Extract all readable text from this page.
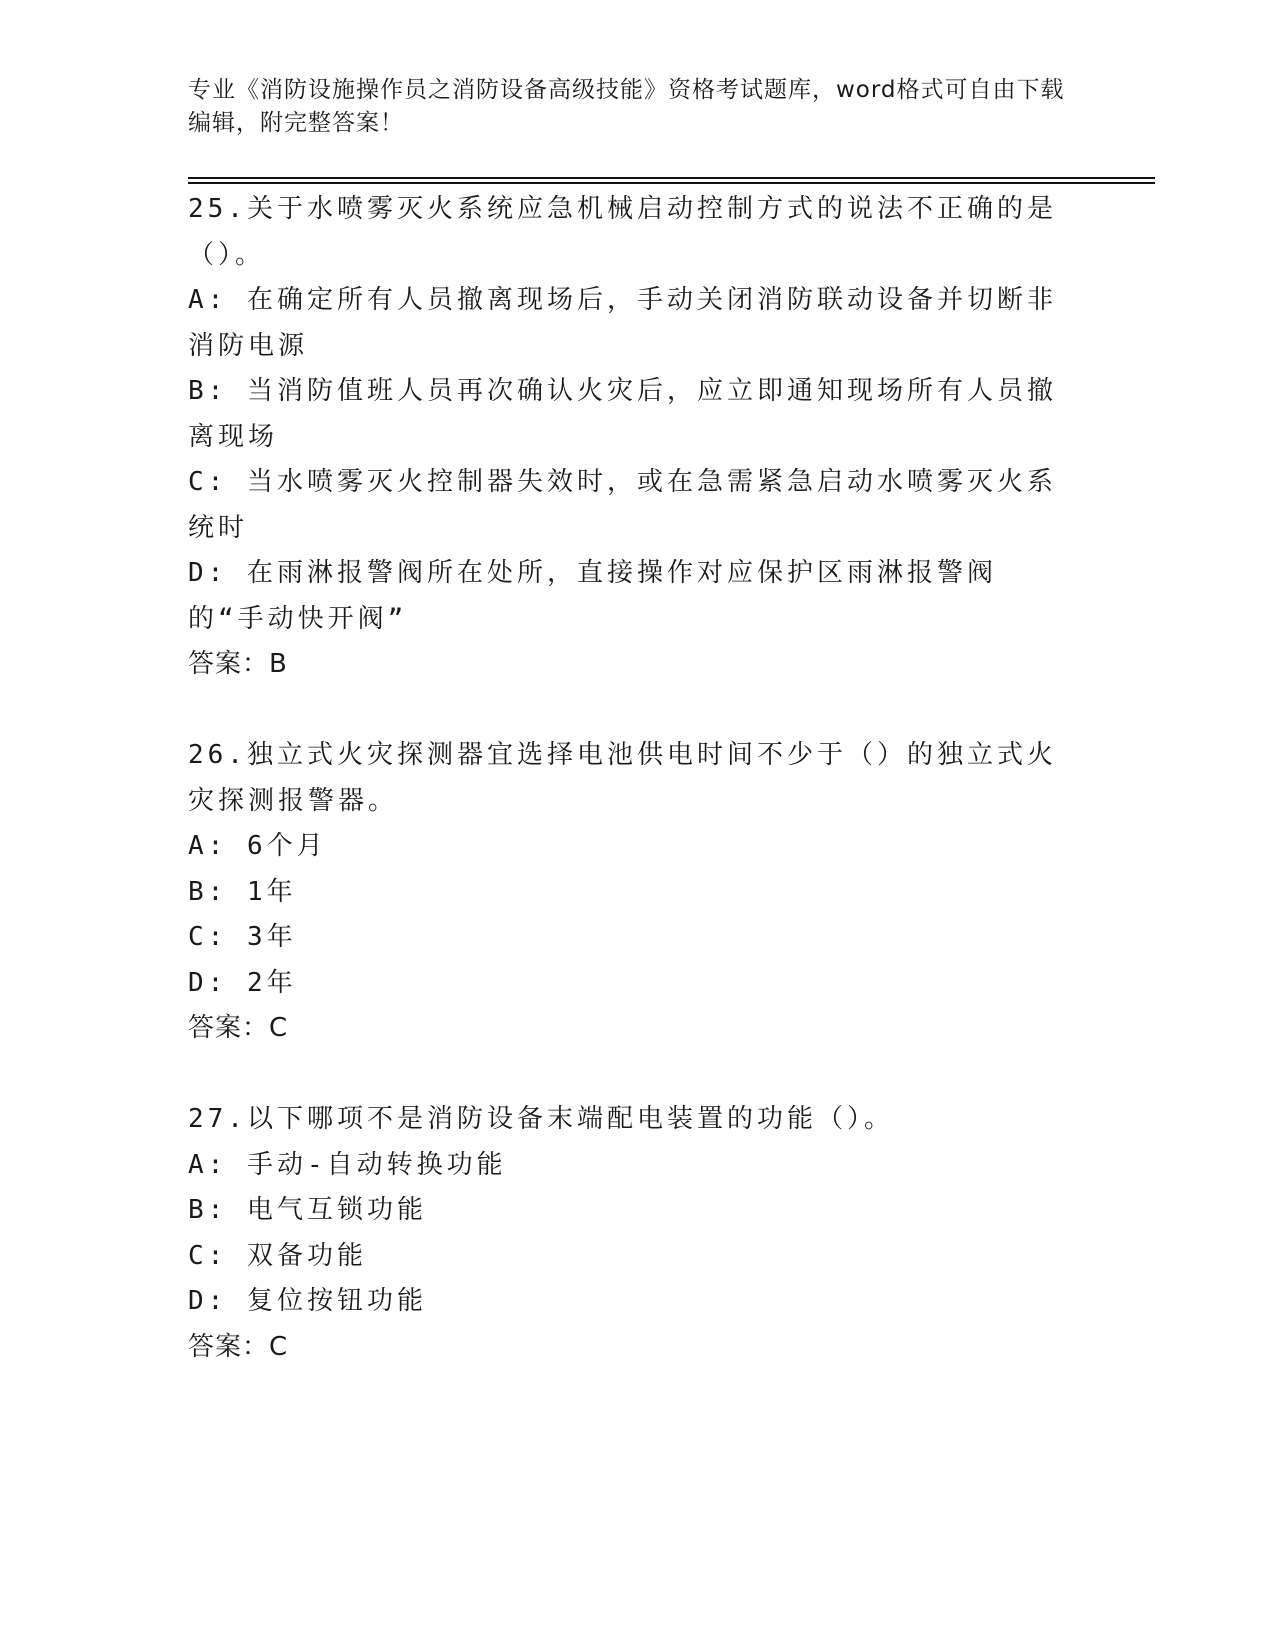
专业《消防设施操作员之消防设备高级技能》资格考试题库，word格式可自由下载编辑，附完整答案！
25.关于水喷雾灭火系统应急机械启动控制方式的说法不正确的是（）。
A: 在确定所有人员撤离现场后，手动关闭消防联动设备并切断非消防电源
B: 当消防值班人员再次确认火灾后，应立即通知现场所有人员撤离现场
C: 当水喷雾灭火控制器失效时，或在急需紧急启动水喷雾灭火系统时
D: 在雨淋报警阀所在处所，直接操作对应保护区雨淋报警阀的“手动快开阀”
答案：B
26.独立式火灾探测器宜选择电池供电时间不少于（）的独立式火灾探测报警器。
A: 6个月
B: 1年
C: 3年
D: 2年
答案：C
27.以下哪项不是消防设备末端配电装置的功能（）。
A: 手动-自动转换功能
B: 电气互锁功能
C: 双备功能
D: 复位按钮功能
答案：C
